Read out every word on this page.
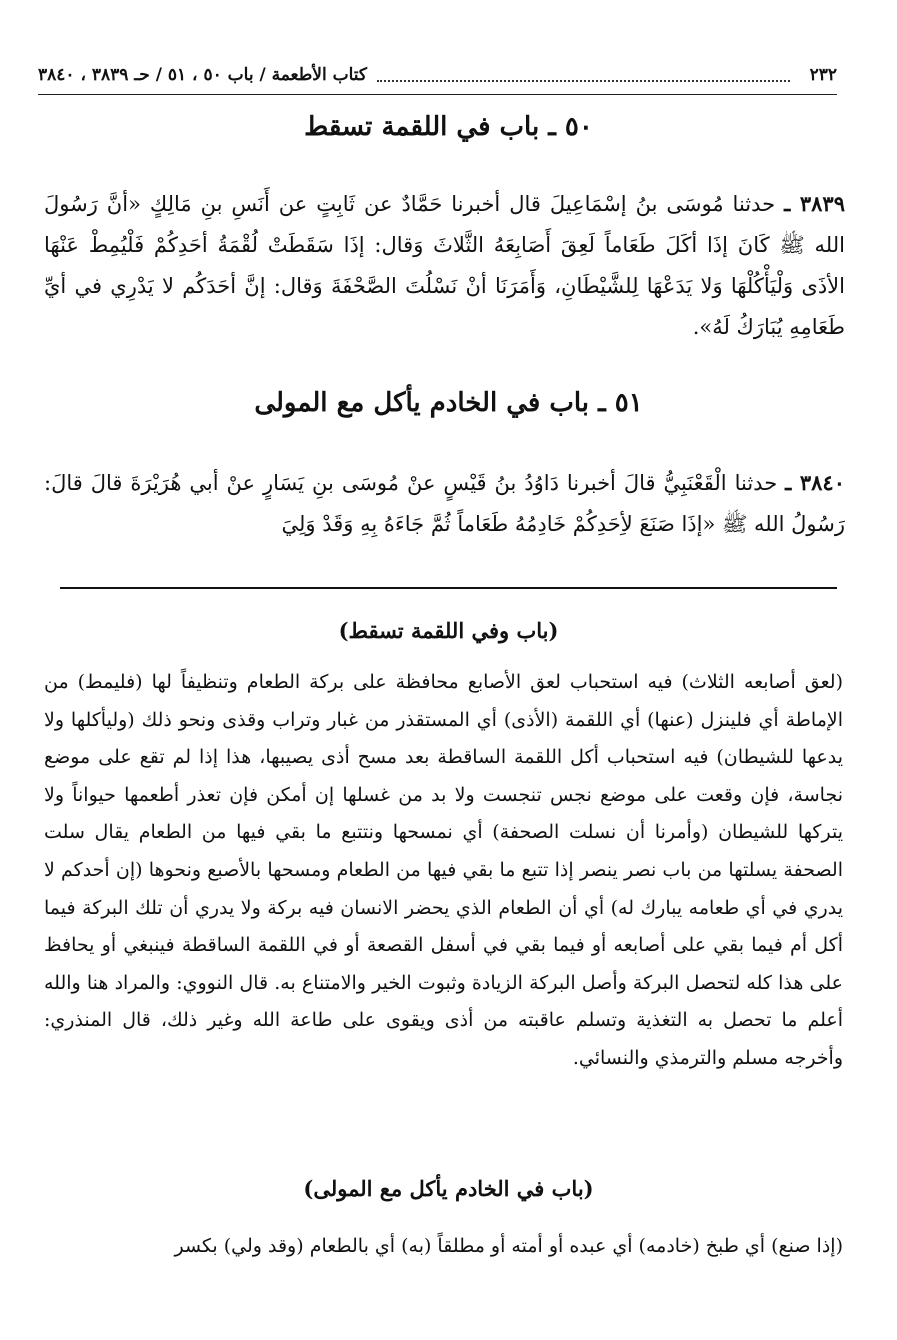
٢٣٢
كتاب الأطعمة / باب ٥٠ ، ٥١ / حـ ٣٨٣٩ ، ٣٨٤٠
٥٠ ـ باب في اللقمة تسقط
٣٨٣٩ ـ حدثنا مُوسَى بنُ إسْمَاعِيلَ قال أخبرنا حَمَّادٌ عن ثَابِتٍ عن أَنَسِ بنِ مَالِكٍ «أنَّ رَسُولَ الله ﷺ كَانَ إذَا أكَلَ طَعَاماً لَعِقَ أَصَابِعَهُ الثَّلاثَ وَقال: إذَا سَقَطَتْ لُقْمَةُ أحَدِكُمْ فَلْيُمِطْ عَنْهَا الأذَى وَلْيَأْكُلْهَا وَلا يَدَعْهَا لِلشَّيْطَانِ، وَأَمَرَنَا أنْ نَسْلُتَ الصَّحْفَةَ وَقال: إنَّ أحَدَكُم لا يَدْرِي في أيِّ طَعَامِهِ يُبَارَكُ لَهُ».
٥١ ـ باب في الخادم يأكل مع المولى
٣٨٤٠ ـ حدثنا الْقَعْنَبِيُّ قالَ أخبرنا دَاوُدُ بنُ قَيْسٍ عنْ مُوسَى بنِ يَسَارٍ عنْ أبي هُرَيْرَةَ قالَ قالَ: رَسُولُ الله ﷺ «إذَا صَنَعَ لأِحَدِكُمْ خَادِمُهُ طَعَاماً ثُمَّ جَاءَهُ بِهِ وَقَدْ وَلِيَ
(باب وفي اللقمة تسقط)

(لعق أصابعه الثلاث) فيه استحباب لعق الأصابع محافظة على بركة الطعام وتنظيفاً لها (فليمط) من الإماطة أي فلينزل (عنها) أي اللقمة (الأذى) أي المستقذر من غبار وتراب وقذى ونحو ذلك (وليأكلها ولا يدعها للشيطان) فيه استحباب أكل اللقمة الساقطة بعد مسح أذى يصيبها، هذا إذا لم تقع على موضع نجاسة، فإن وقعت على موضع نجس تنجست ولا بد من غسلها إن أمكن فإن تعذر أطعمها حيواناً ولا يتركها للشيطان (وأمرنا أن نسلت الصحفة) أي نمسحها ونتتبع ما بقي فيها من الطعام يقال سلت الصحفة يسلتها من باب نصر ينصر إذا تتبع ما بقي فيها من الطعام ومسحها بالأصبع ونحوها (إن أحدكم لا يدري في أي طعامه يبارك له) أي أن الطعام الذي يحضر الانسان فيه بركة ولا يدري أن تلك البركة فيما أكل أم فيما بقي على أصابعه أو فيما بقي في أسفل القصعة أو في اللقمة الساقطة فينبغي أو يحافظ على هذا كله لتحصل البركة وأصل البركة الزيادة وثبوت الخير والامتناع به. قال النووي: والمراد هنا والله أعلم ما تحصل به التغذية وتسلم عاقبته من أذى ويقوى على طاعة الله وغير ذلك، قال المنذري: وأخرجه مسلم والترمذي والنسائي.

(باب في الخادم يأكل مع المولى)

(إذا صنع) أي طبخ (خادمه) أي عبده أو أمته أو مطلقاً (به) أي بالطعام (وقد ولي) بكسر
